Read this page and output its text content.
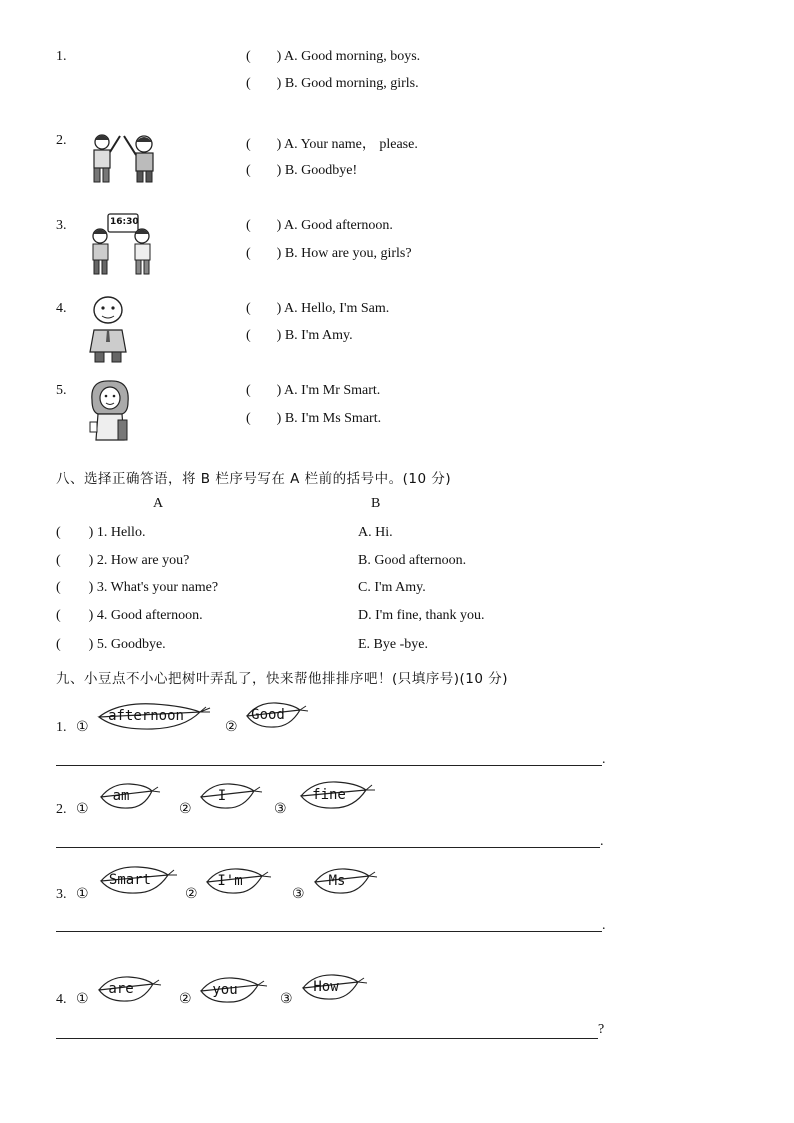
1.	( ) A. Good morning, boys.
( ) B. Good morning, girls.
2.	( ) A. Your name， please.
( ) B. Goodbye!
3.	16:30	( ) A. Good afternoon.
( ) B. How are you, girls?
4.	( ) A. Hello, I'm Sam.
( ) B. I'm Amy.
5.	( ) A. I'm Mr Smart.
( ) B. I'm Ms Smart.
八、选择正确答语，将 B 栏序号写在 A 栏前的括号中。(10 分)
A	B
( ) 1. Hello.	A. Hi.
( ) 2. How are you?	B. Good afternoon.
( ) 3. What's your name?	C. I'm Amy.
( ) 4. Good afternoon.	D. I'm fine, thank you.
( ) 5. Goodbye.	E. Bye -bye.
九、小豆点不小心把树叶弄乱了，快来帮他排排序吧！(只填序号)(10 分)
1. ①
afternoon
②
Good
.
2. ①
am
②
I
③
fine
.
3. ①
Smart
②
I'm
③
Ms
.
4. ①
are
②
you
③
How
?
